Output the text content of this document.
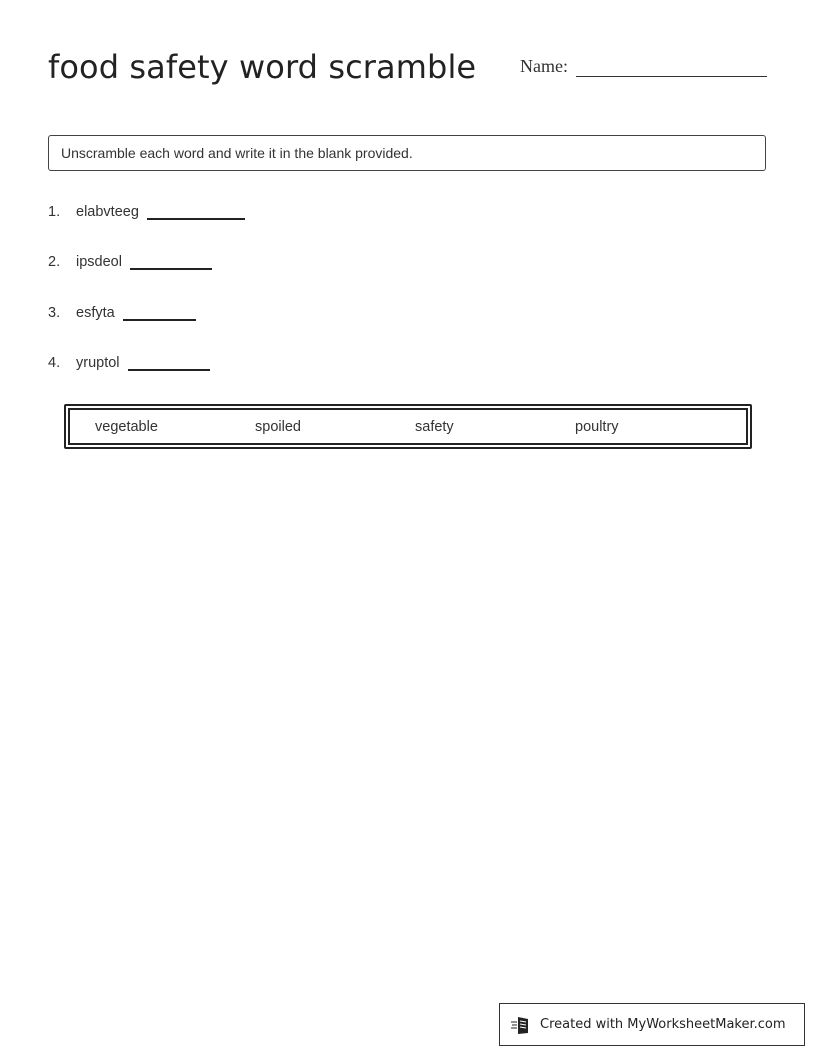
food safety word scramble Name:
Unscramble each word and write it in the blank provided.
1.	elabvteeg
2.	ipsdeol
3.	esfyta
4.	yruptol
vegetable	spoiled	safety	poultry
Created with MyWorksheetMaker.com
